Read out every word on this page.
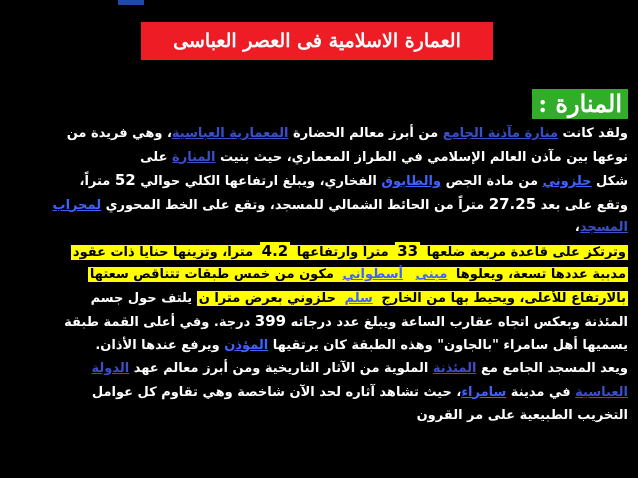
العمارة الاسلامية فى العصر العباسى
المنارة :
ولقد كانت منارة مآذنة الجامع من أبرز معالم الحضارة المعمارية العباسية، وهي فريدة من
نوعها بين مآذن العالم الإسلامي في الطراز المعماري، حيث بنيت المنارة على
شكل حلزوني من مادة الجص والطابوق الفخاري، ويبلغ ارتفاعها الكلي حوالي 52 متراً،
وتقع على بعد 27.25 متراً من الحائط الشمالي للمسجد، وتقع على الخط المحوري لمحراب
المسجد،
وترتكز على قاعدة مربعة ضلعها 33 متراً وارتفاعها 4.2 متراً، وتزينها حنايا ذات عقود
مدببة عددها تسعة، ويعلوها مبنى أسطواني مكون من خمس طبقات تتناقص سعتها
بالارتفاع للأعلى، ويحيط بها من الخارج سلم حلزوني بعرض مترا ن يلتف حول جسم
المئذنة وبعكس اتجاه عقارب الساعة ويبلغ عدد درجاته 399 درجة. وفي أعلى القمة طبقة
يسميها أهل سامراء "بالجاون" وهذه الطبقة كان يرتقيها المؤذن ويرفع عندها الأذان.
ويعد المسجد الجامع مع المئذنة الملوية من الآثار التاريخية ومن أبرز معالم عهد الدولة
العباسية في مدينة سامراء، حيث تشاهد آثاره لحد الآن شاخصة وهي تقاوم كل عوامل
التخريب الطبيعية على مر القرون
